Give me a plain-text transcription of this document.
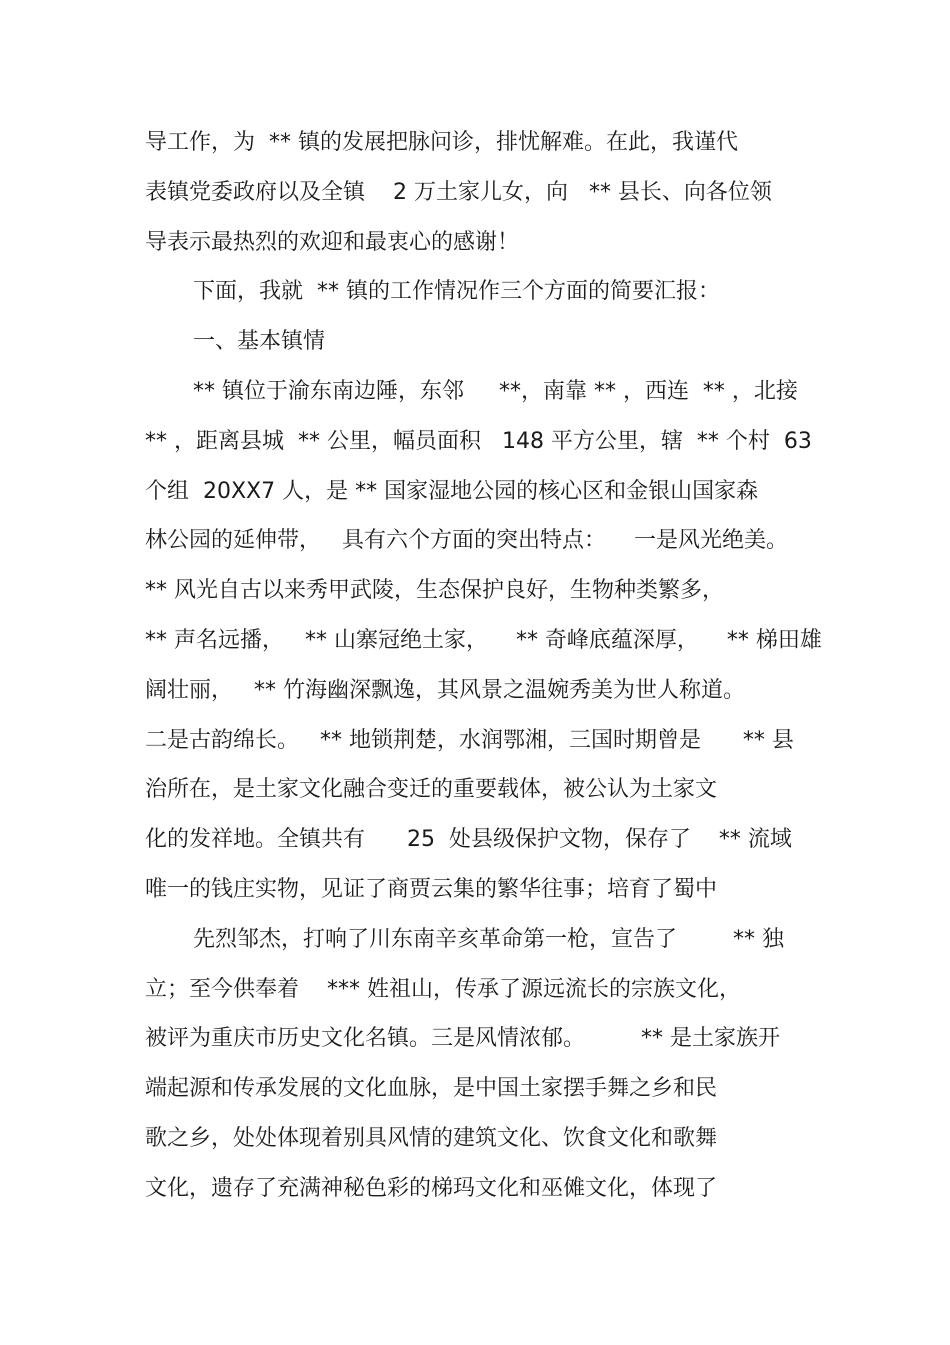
导工作，为  ** 镇的发展把脉问诊，排忧解难。在此，我谨代

表镇党委政府以及全镇    2 万土家儿女，向   ** 县长、向各位领

导表示最热烈的欢迎和最衷心的感谢！

下面，我就  ** 镇的工作情况作三个方面的简要汇报：

一、基本镇情

** 镇位于渝东南边陲，东邻     **，南靠 ** ，西连  ** ，北接

** ，距离县城  ** 公里，幅员面积   148 平方公里，辖  ** 个村  63

个组  20XX7 人，是 ** 国家湿地公园的核心区和金银山国家森

林公园的延伸带，   具有六个方面的突出特点：    一是风光绝美。

** 风光自古以来秀甲武陵，生态保护良好，生物种类繁多，

** 声名远播，   ** 山寨冠绝土家，    ** 奇峰底蕴深厚，    ** 梯田雄

阔壮丽，   ** 竹海幽深飘逸，其风景之温婉秀美为世人称道。

二是古韵绵长。   ** 地锁荆楚，水润鄂湘，三国时期曾是      ** 县

治所在，是土家文化融合变迁的重要载体，被公认为土家文

化的发祥地。全镇共有      25  处县级保护文物，保存了    ** 流域

唯一的钱庄实物，见证了商贾云集的繁华往事；培育了蜀中

先烈邹杰，打响了川东南辛亥革命第一枪，宣告了        ** 独

立；至今供奉着    *** 姓祖山，传承了源远流长的宗族文化，

被评为重庆市历史文化名镇。三是风情浓郁。        ** 是土家族开

端起源和传承发展的文化血脉，是中国土家摆手舞之乡和民

歌之乡，处处体现着别具风情的建筑文化、饮食文化和歌舞

文化，遗存了充满神秘色彩的梯玛文化和巫傩文化，体现了
